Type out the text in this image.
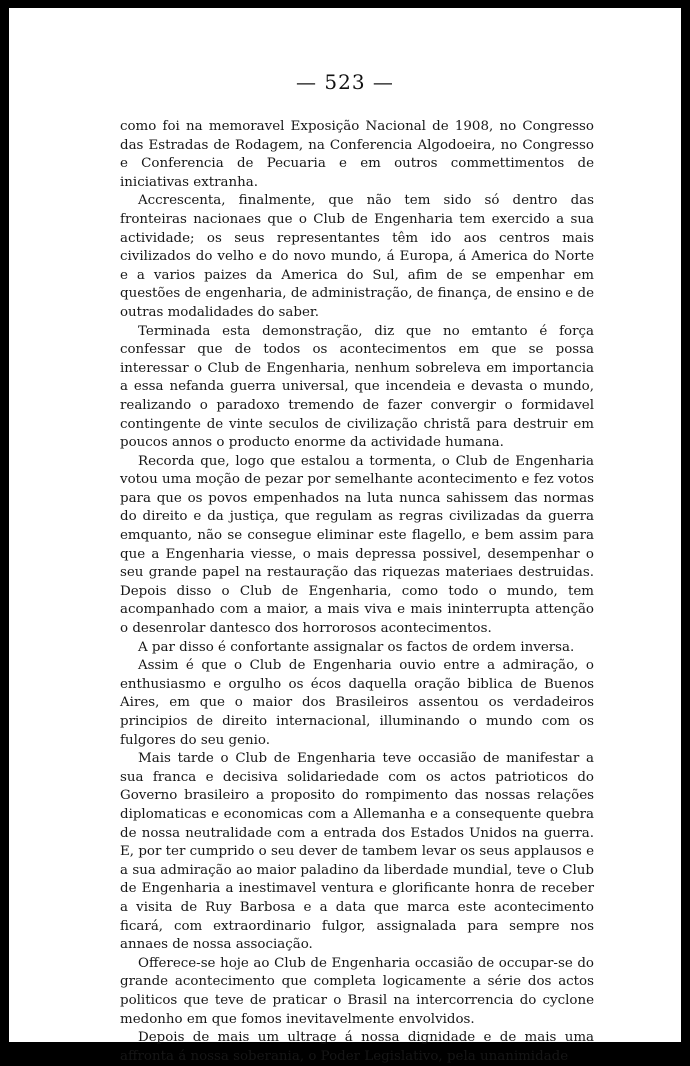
— 523 —

como foi na memoravel Exposição Nacional de 1908, no Congresso das Estradas de Rodagem, na Conferencia Algodoeira, no Congresso e Conferencia de Pecuaria e em outros commettimentos de iniciativas extranha.

Accrescenta, finalmente, que não tem sido só dentro das fronteiras nacionaes que o Club de Engenharia tem exercido a sua actividade; os seus representantes têm ido aos centros mais civilizados do velho e do novo mundo, á Europa, á America do Norte e a varios paizes da America do Sul, afim de se empenhar em questões de engenharia, de administração, de finança, de ensino e de outras modalidades do saber.

Terminada esta demonstração, diz que no emtanto é força confessar que de todos os acontecimentos em que se possa interessar o Club de Engenharia, nenhum sobreleva em importancia a essa nefanda guerra universal, que incendeia e devasta o mundo, realizando o paradoxo tremendo de fazer convergir o formidavel contingente de vinte seculos de civilização christã para destruir em poucos annos o producto enorme da actividade humana.

Recorda que, logo que estalou a tormenta, o Club de Engenharia votou uma moção de pezar por semelhante acontecimento e fez votos para que os povos empenhados na luta nunca sahissem das normas do direito e da justiça, que regulam as regras civilizadas da guerra emquanto, não se consegue eliminar este flagello, e bem assim para que a Engenharia viesse, o mais depressa possivel, desempenhar o seu grande papel na restauração das riquezas materiaes destruidas. Depois disso o Club de Engenharia, como todo o mundo, tem acompanhado com a maior, a mais viva e mais ininterrupta attenção o desenrolar dantesco dos horrorosos acontecimentos.

A par disso é confortante assignalar os factos de ordem inversa.

Assim é que o Club de Engenharia ouvio entre a admiração, o enthusiasmo e orgulho os écos daquella oração biblica de Buenos Aires, em que o maior dos Brasileiros assentou os verdadeiros principios de direito internacional, illuminando o mundo com os fulgores do seu genio.

Mais tarde o Club de Engenharia teve occasião de manifestar a sua franca e decisiva solidariedade com os actos patrioticos do Governo brasileiro a proposito do rompimento das nossas relações diplomaticas e economicas com a Allemanha e a consequente quebra de nossa neutralidade com a entrada dos Estados Unidos na guerra. E, por ter cumprido o seu dever de tambem levar os seus applausos e a sua admiração ao maior paladino da liberdade mundial, teve o Club de Engenharia a inestimavel ventura e glorificante honra de receber a visita de Ruy Barbosa e a data que marca este acontecimento ficará, com extraordinario fulgor, assignalada para sempre nos annaes de nossa associação.

Offerece-se hoje ao Club de Engenharia occasião de occupar-se do grande acontecimento que completa logicamente a série dos actos politicos que teve de praticar o Brasil na intercorrencia do cyclone medonho em que fomos inevitavelmente envolvidos.

Depois de mais um ultrage á nossa dignidade e de mais uma affronta á nossa soberania, o Poder Legislativo, pela unanimidade
